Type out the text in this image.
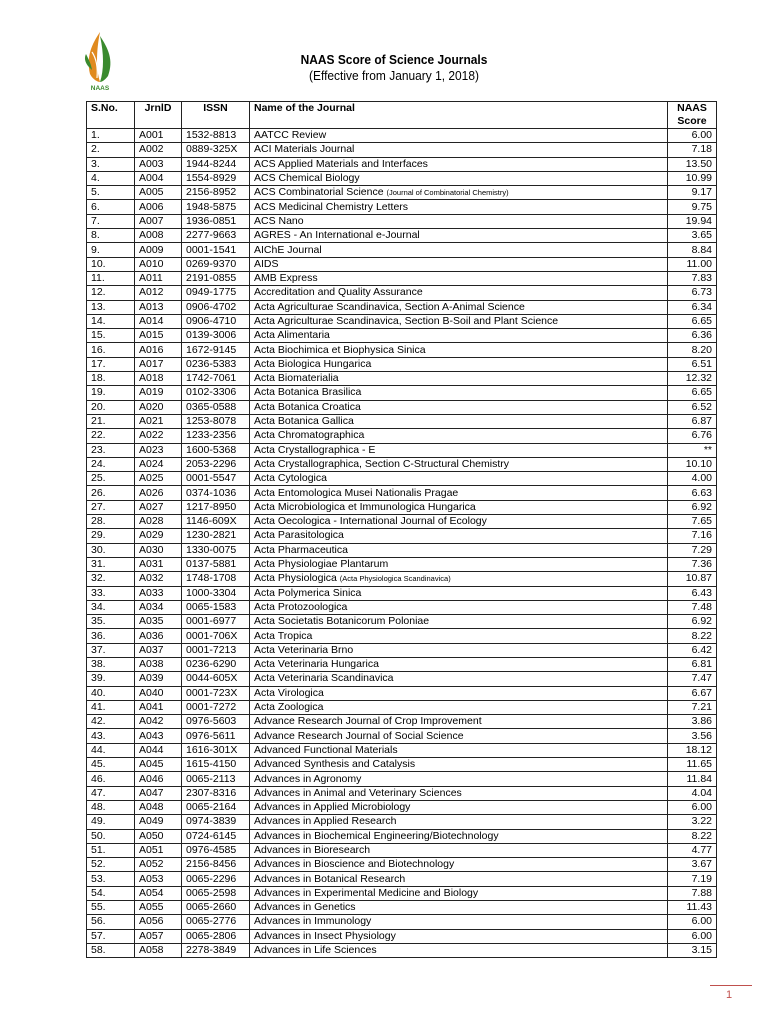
NAAS
NAAS Score of Science Journals
(Effective from January 1, 2018)
S.No.	JrnlD	ISSN	Name of the Journal	NAAS
Score

1.	A001	1532-8813	AATCC Review	6.00
2.	A002	0889-325X	ACI Materials Journal	7.18
3.	A003	1944-8244	ACS Applied Materials and Interfaces	13.50
4.	A004	1554-8929	ACS Chemical Biology	10.99
5.	A005	2156-8952	ACS Combinatorial Science (Journal of Combinatorial Chemistry)	9.17
6.	A006	1948-5875	ACS Medicinal Chemistry Letters	9.75
7.	A007	1936-0851	ACS Nano	19.94
8.	A008	2277-9663	AGRES - An International e-Journal	3.65
9.	A009	0001-1541	AIChE Journal	8.84
10.	A010	0269-9370	AIDS	11.00
11.	A011	2191-0855	AMB Express	7.83
12.	A012	0949-1775	Accreditation and Quality Assurance	6.73
13.	A013	0906-4702	Acta Agriculturae Scandinavica, Section A-Animal Science	6.34
14.	A014	0906-4710	Acta Agriculturae Scandinavica, Section B-Soil and Plant Science	6.65
15.	A015	0139-3006	Acta Alimentaria	6.36
16.	A016	1672-9145	Acta Biochimica et Biophysica Sinica	8.20
17.	A017	0236-5383	Acta Biologica Hungarica	6.51
18.	A018	1742-7061	Acta Biomaterialia	12.32
19.	A019	0102-3306	Acta Botanica Brasilica	6.65
20.	A020	0365-0588	Acta Botanica Croatica	6.52
21.	A021	1253-8078	Acta Botanica Gallica	6.87
22.	A022	1233-2356	Acta Chromatographica	6.76
23.	A023	1600-5368	Acta Crystallographica - E	**
24.	A024	2053-2296	Acta Crystallographica, Section C-Structural Chemistry	10.10
25.	A025	0001-5547	Acta Cytologica	4.00
26.	A026	0374-1036	Acta Entomologica Musei Nationalis Pragae	6.63
27.	A027	1217-8950	Acta Microbiologica et Immunologica Hungarica	6.92
28.	A028	1146-609X	Acta Oecologica - International Journal of Ecology	7.65
29.	A029	1230-2821	Acta Parasitologica	7.16
30.	A030	1330-0075	Acta Pharmaceutica	7.29
31.	A031	0137-5881	Acta Physiologiae Plantarum	7.36
32.	A032	1748-1708	Acta Physiologica (Acta Physiologica Scandinavica)	10.87
33.	A033	1000-3304	Acta Polymerica Sinica	6.43
34.	A034	0065-1583	Acta Protozoologica	7.48
35.	A035	0001-6977	Acta Societatis Botanicorum Poloniae	6.92
36.	A036	0001-706X	Acta Tropica	8.22
37.	A037	0001-7213	Acta Veterinaria Brno	6.42
38.	A038	0236-6290	Acta Veterinaria Hungarica	6.81
39.	A039	0044-605X	Acta Veterinaria Scandinavica	7.47
40.	A040	0001-723X	Acta Virologica	6.67
41.	A041	0001-7272	Acta Zoologica	7.21
42.	A042	0976-5603	Advance Research Journal of Crop Improvement	3.86
43.	A043	0976-5611	Advance Research Journal of Social Science	3.56
44.	A044	1616-301X	Advanced Functional Materials	18.12
45.	A045	1615-4150	Advanced Synthesis and Catalysis	11.65
46.	A046	0065-2113	Advances in Agronomy	11.84
47.	A047	2307-8316	Advances in Animal and Veterinary Sciences	4.04
48.	A048	0065-2164	Advances in Applied Microbiology	6.00
49.	A049	0974-3839	Advances in Applied Research	3.22
50.	A050	0724-6145	Advances in Biochemical Engineering/Biotechnology	8.22
51.	A051	0976-4585	Advances in Bioresearch	4.77
52.	A052	2156-8456	Advances in Bioscience and Biotechnology	3.67
53.	A053	0065-2296	Advances in Botanical Research	7.19
54.	A054	0065-2598	Advances in Experimental Medicine and Biology	7.88
55.	A055	0065-2660	Advances in Genetics	11.43
56.	A056	0065-2776	Advances in Immunology	6.00
57.	A057	0065-2806	Advances in Insect Physiology	6.00
58.	A058	2278-3849	Advances in Life Sciences	3.15
1
